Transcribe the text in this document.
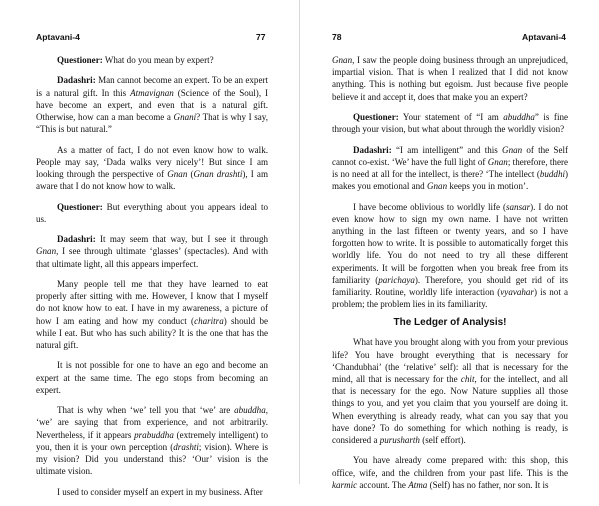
Aptavani-4	77

Questioner: What do you mean by expert?

Dadashri: Man cannot become an expert. To be an expert is a natural gift. In this Atmavignan (Science of the Soul), I have become an expert, and even that is a natural gift. Otherwise, how can a man become a Gnani? That is why I say, “This is but natural.”

As a matter of fact, I do not even know how to walk. People may say, ‘Dada walks very nicely’! But since I am looking through the perspective of Gnan (Gnan drashti), I am aware that I do not know how to walk.

Questioner: But everything about you appears ideal to us.

Dadashri: It may seem that way, but I see it through Gnan, I see through ultimate ‘glasses’ (spectacles). And with that ultimate light, all this appears imperfect.

Many people tell me that they have learned to eat properly after sitting with me. However, I know that I myself do not know how to eat. I have in my awareness, a picture of how I am eating and how my conduct (charitra) should be while I eat. But who has such ability? It is the one that has the natural gift.

It is not possible for one to have an ego and become an expert at the same time. The ego stops from becoming an expert.

That is why when ‘we’ tell you that ‘we’ are abuddha, ‘we’ are saying that from experience, and not arbitrarily. Nevertheless, if it appears prabuddha (extremely intelligent) to you, then it is your own perception (drashti; vision). Where is my vision? Did you understand this? ‘Our’ vision is the ultimate vision.

I used to consider myself an expert in my business. After

78	Aptavani-4

Gnan, I saw the people doing business through an unprejudiced, impartial vision. That is when I realized that I did not know anything. This is nothing but egoism. Just because five people believe it and accept it, does that make you an expert?

Questioner: Your statement of “I am abuddha” is fine through your vision, but what about through the worldly vision?

Dadashri: “I am intelligent” and this Gnan of the Self cannot co-exist. ‘We’ have the full light of Gnan; therefore, there is no need at all for the intellect, is there? ‘The intellect (buddhi) makes you emotional and Gnan keeps you in motion’.

I have become oblivious to worldly life (sansar). I do not even know how to sign my own name. I have not written anything in the last fifteen or twenty years, and so I have forgotten how to write. It is possible to automatically forget this worldly life. You do not need to try all these different experiments. It will be forgotten when you break free from its familiarity (parichaya). Therefore, you should get rid of its familiarity. Routine, worldly life interaction (vyavahar) is not a problem; the problem lies in its familiarity.

The Ledger of Analysis!

What have you brought along with you from your previous life? You have brought everything that is necessary for ‘Chandubhai’ (the ‘relative’ self): all that is necessary for the mind, all that is necessary for the chit, for the intellect, and all that is necessary for the ego. Now Nature supplies all those things to you, and yet you claim that you yourself are doing it. When everything is already ready, what can you say that you have done? To do something for which nothing is ready, is considered a purusharth (self effort).

You have already come prepared with: this shop, this office, wife, and the children from your past life. This is the karmic account. The Atma (Self) has no father, nor son. It is
